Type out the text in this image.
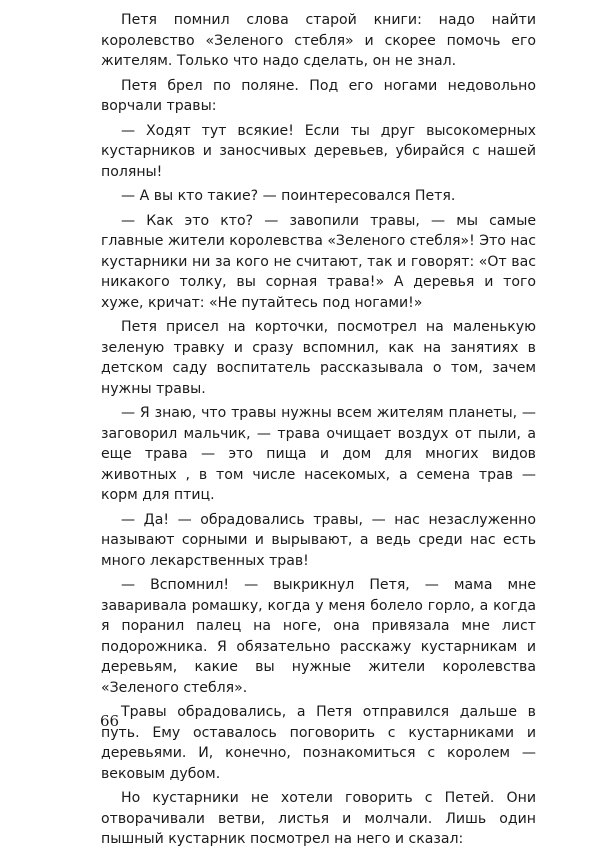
Петя помнил слова старой книги: надо найти королевство «Зеленого стебля» и скорее помочь его жителям. Только что надо сделать, он не знал.

Петя брел по поляне. Под его ногами недовольно ворчали травы:

— Ходят тут всякие! Если ты друг высокомерных кустарников и заносчивых деревьев, убирайся с нашей поляны!

— А вы кто такие? — поинтересовался Петя.

— Как это кто? — завопили травы, — мы самые главные жители королевства «Зеленого стебля»! Это нас кустарники ни за кого не считают, так и говорят: «От вас никакого толку, вы сорная трава!» А деревья и того хуже, кричат: «Не путайтесь под ногами!»

Петя присел на корточки, посмотрел на маленькую зеленую травку и сразу вспомнил, как на занятиях в детском саду воспитатель рассказывала о том, зачем нужны травы.

— Я знаю, что травы нужны всем жителям планеты, — заговорил мальчик, — трава очищает воздух от пыли, а еще трава — это пища и дом для многих видов животных , в том числе насекомых, а семена трав — корм для птиц.

— Да! — обрадовались травы, — нас незаслуженно называют сорными и вырывают, а ведь среди нас есть много лекарственных трав!

— Вспомнил! — выкрикнул Петя, — мама мне заваривала ромашку, когда у меня болело горло, а когда я поранил палец на ноге, она привязала мне лист подорожника. Я обязательно расскажу кустарникам и деревьям, какие вы нужные жители королевства «Зеленого стебля».

Травы обрадовались, а Петя отправился дальше в путь. Ему оставалось поговорить с кустарниками и деревьями. И, конечно, познакомиться с королем — вековым дубом.

Но кустарники не хотели говорить с Петей. Они отворачивали ветви, листья и молчали. Лишь один пышный кустарник посмотрел на него и сказал:

66
